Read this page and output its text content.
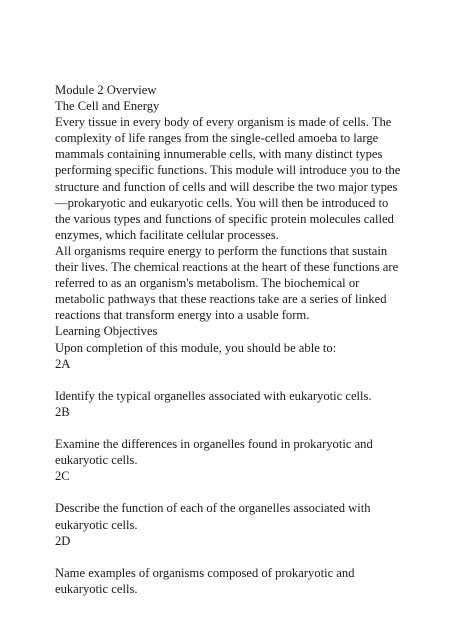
Module 2 Overview

The Cell and Energy

Every tissue in every body of every organism is made of cells. The complexity of life ranges from the single-celled amoeba to large mammals containing innumerable cells, with many distinct types performing specific functions. This module will introduce you to the structure and function of cells and will describe the two major types—prokaryotic and eukaryotic cells. You will then be introduced to the various types and functions of specific protein molecules called enzymes, which facilitate cellular processes.

All organisms require energy to perform the functions that sustain their lives. The chemical reactions at the heart of these functions are referred to as an organism's metabolism. The biochemical or metabolic pathways that these reactions take are a series of linked reactions that transform energy into a usable form.

Learning Objectives

Upon completion of this module, you should be able to:

2A

Identify the typical organelles associated with eukaryotic cells.

2B

Examine the differences in organelles found in prokaryotic and eukaryotic cells.

2C

Describe the function of each of the organelles associated with eukaryotic cells.

2D

Name examples of organisms composed of prokaryotic and eukaryotic cells.
